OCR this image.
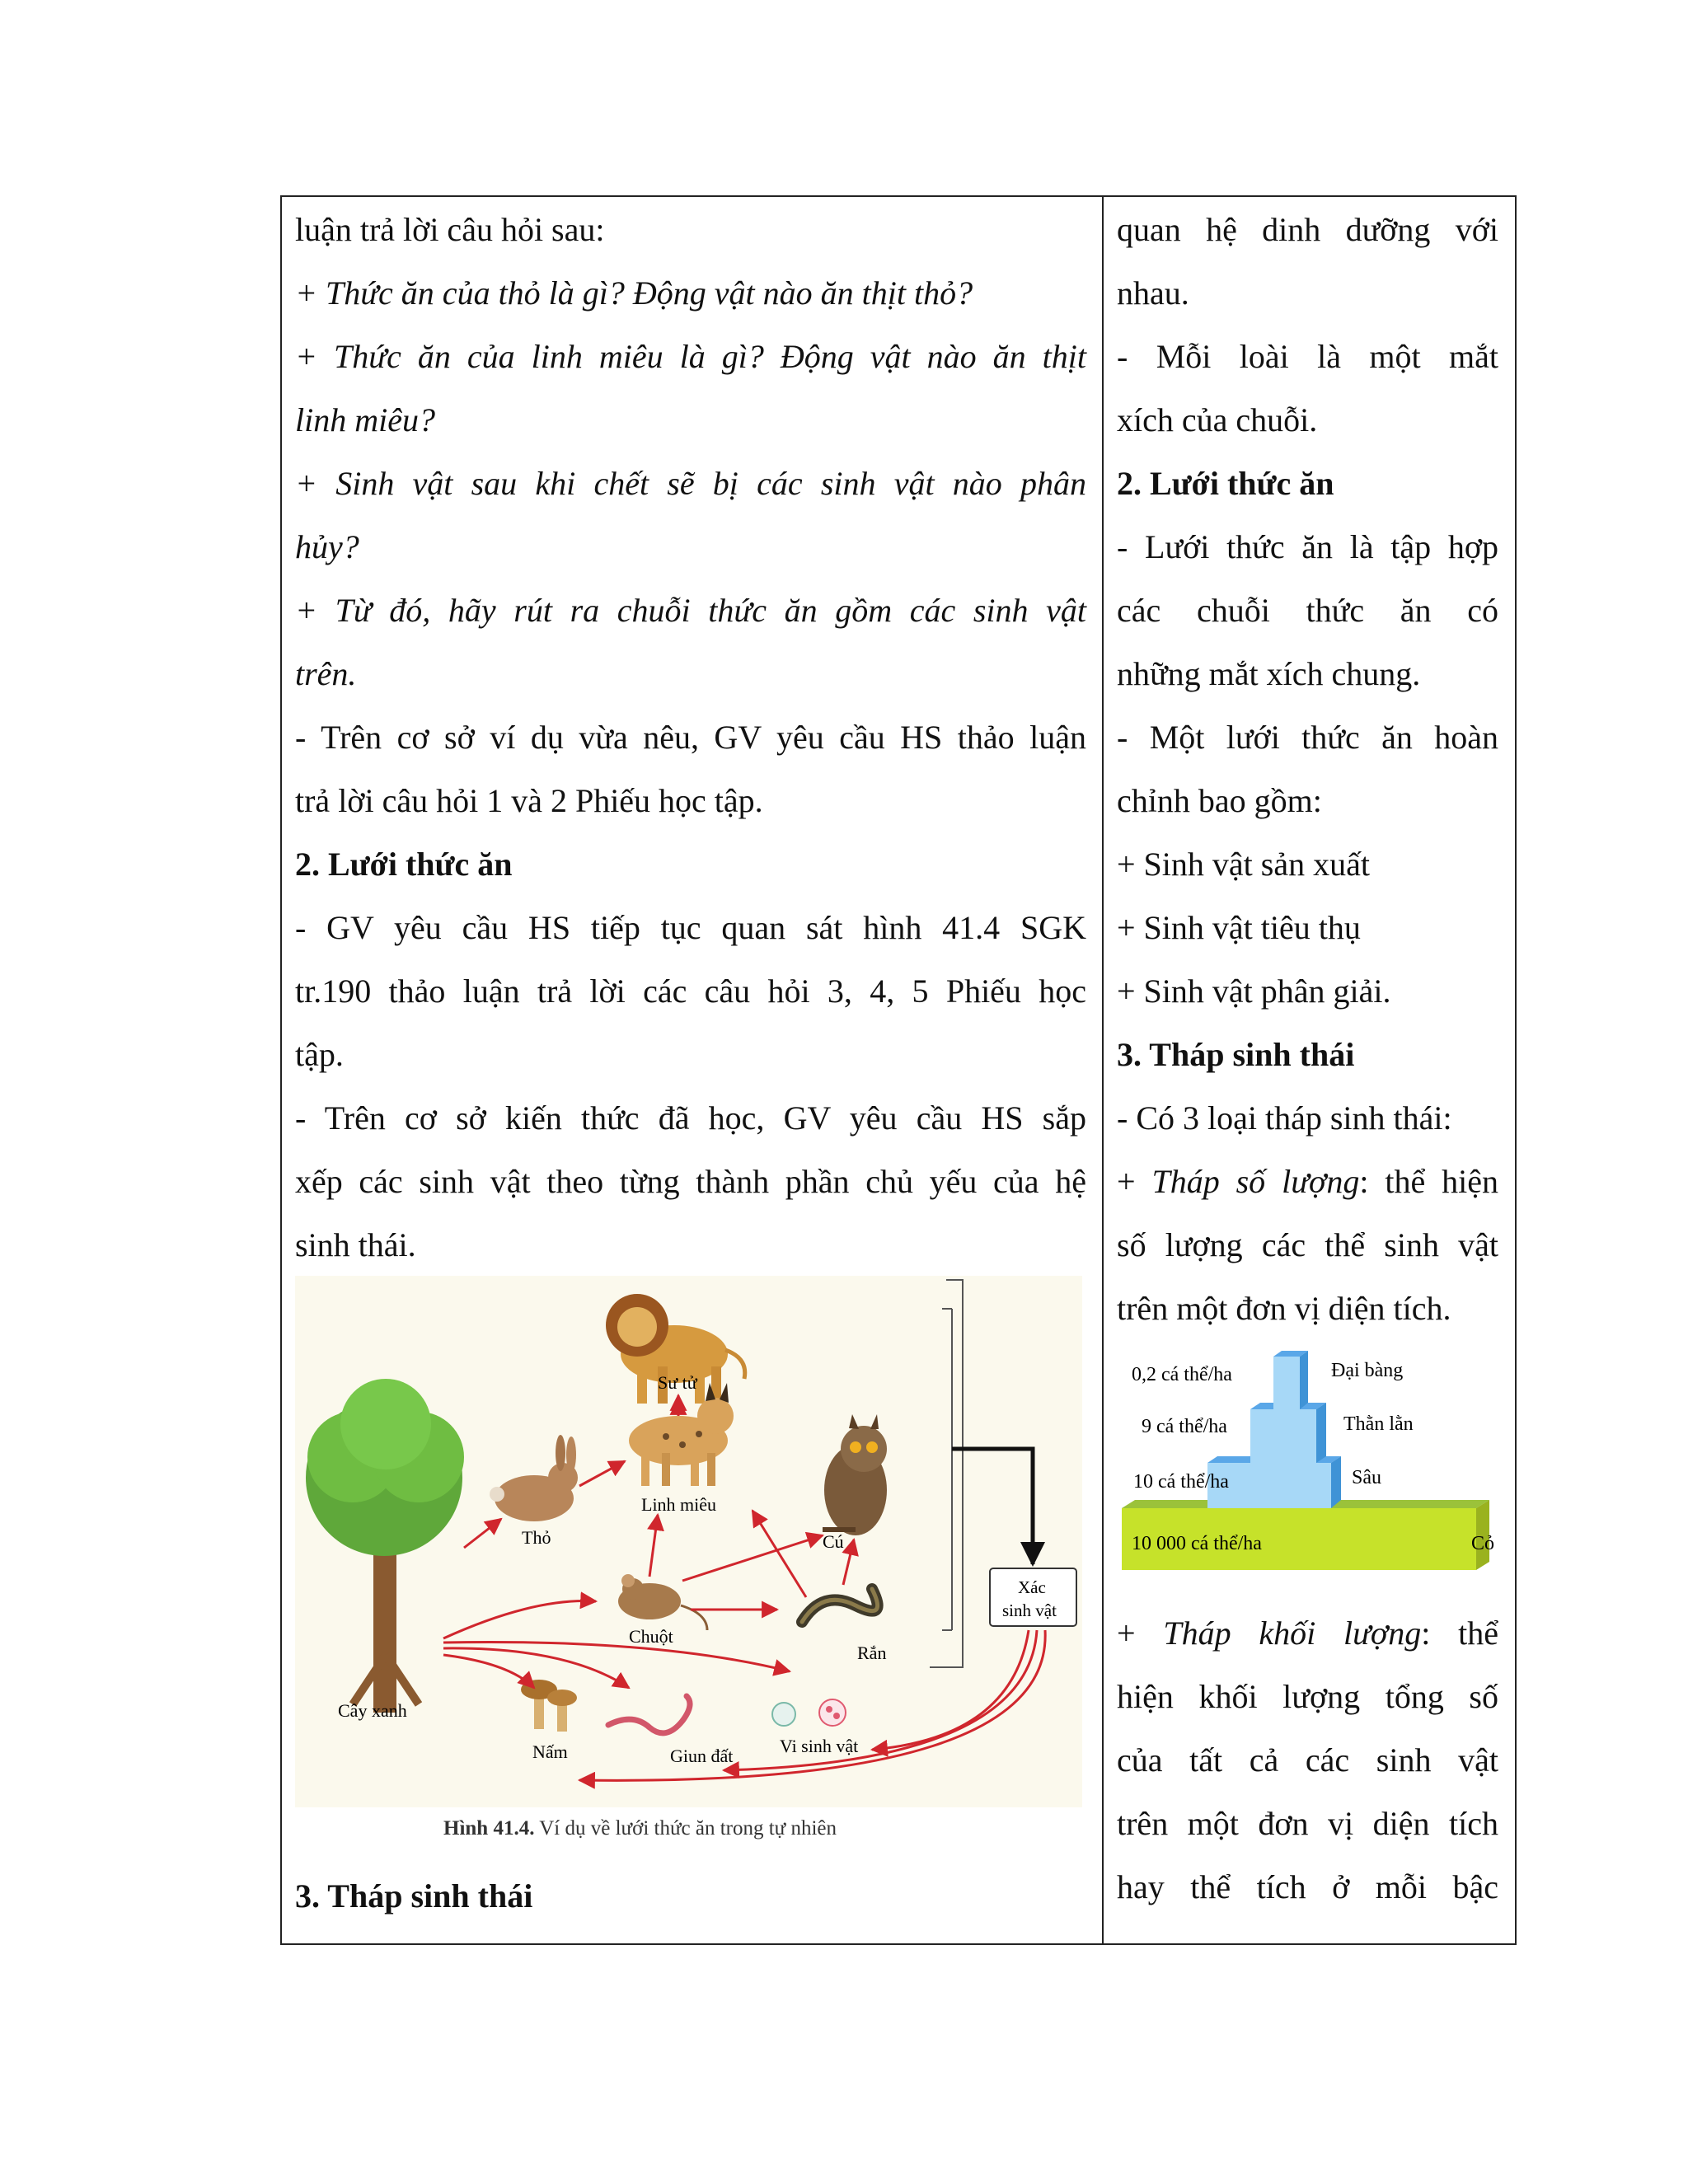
luận trả lời câu hỏi sau:
+ Thức ăn của thỏ là gì? Động vật nào ăn thịt thỏ?
+ Thức ăn của linh miêu là gì? Động vật nào ăn thịt
linh miêu?
+ Sinh vật sau khi chết sẽ bị các sinh vật nào phân
hủy?
+ Từ đó, hãy rút ra chuỗi thức ăn gồm các sinh vật
trên.
- Trên cơ sở ví dụ vừa nêu, GV yêu cầu HS thảo luận
trả lời câu hỏi 1 và 2 Phiếu học tập.
2. Lưới thức ăn
- GV yêu cầu HS tiếp tục quan sát hình 41.4 SGK
tr.190 thảo luận trả lời các câu hỏi 3, 4, 5 Phiếu học
tập.
- Trên cơ sở kiến thức đã học, GV yêu cầu HS sắp
xếp các sinh vật theo từng thành phần chủ yếu của hệ
sinh thái.
Sư tử
Linh miêu
Thỏ	Cú
Chuột
Rắn
Cây xanh
Nấm	Giun đất	Vi sinh vật
Xác
sinh vật
Hình 41.4. Ví dụ về lưới thức ăn trong tự nhiên
3. Tháp sinh thái
quan hệ dinh dưỡng với
nhau.
- Mỗi loài là một mắt
xích của chuỗi.
2. Lưới thức ăn
- Lưới thức ăn là tập hợp
các chuỗi thức ăn có
những mắt xích chung.
- Một lưới thức ăn hoàn
chỉnh bao gồm:
+ Sinh vật sản xuất
+ Sinh vật tiêu thụ
+ Sinh vật phân giải.
3. Tháp sinh thái
- Có 3 loại tháp sinh thái:
+ Tháp số lượng: thể hiện
số lượng các thể sinh vật
trên một đơn vị diện tích.
0,2 cá thể/ha	Đại bàng
9 cá thể/ha	Thằn lằn
10 cá thể/ha	Sâu
10 000 cá thể/ha	Cỏ
+ Tháp khối lượng: thể
hiện khối lượng tổng số
của tất cả các sinh vật
trên một đơn vị diện tích
hay thể tích ở mỗi bậc
